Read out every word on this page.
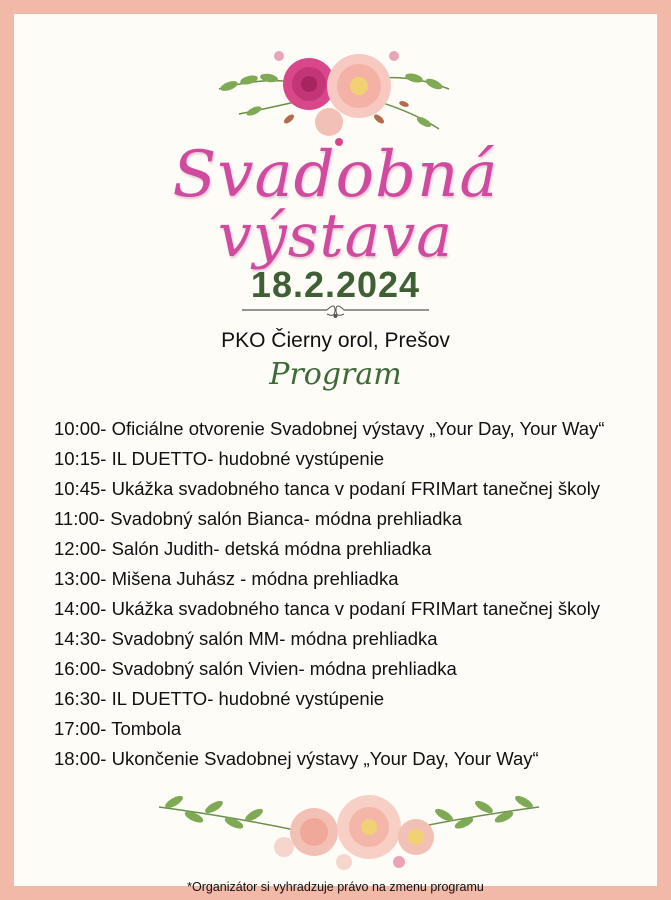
Svadobná
výstava
18.2.2024
PKO Čierny orol, Prešov
Program
10:00- Oficiálne otvorenie Svadobnej výstavy „Your Day, Your Way“
10:15- IL DUETTO- hudobné vystúpenie
10:45- Ukážka svadobného tanca v podaní FRIMart tanečnej školy
11:00- Svadobný salón Bianca- módna prehliadka
12:00- Salón Judith- detská módna prehliadka
13:00- Mišena Juhász - módna prehliadka
14:00- Ukážka svadobného tanca v podaní FRIMart tanečnej školy
14:30- Svadobný salón MM- módna prehliadka
16:00- Svadobný salón Vivien- módna prehliadka
16:30- IL DUETTO- hudobné vystúpenie
17:00- Tombola
18:00- Ukončenie Svadobnej výstavy „Your Day, Your Way“
*Organizátor si vyhradzuje právo na zmenu programu
